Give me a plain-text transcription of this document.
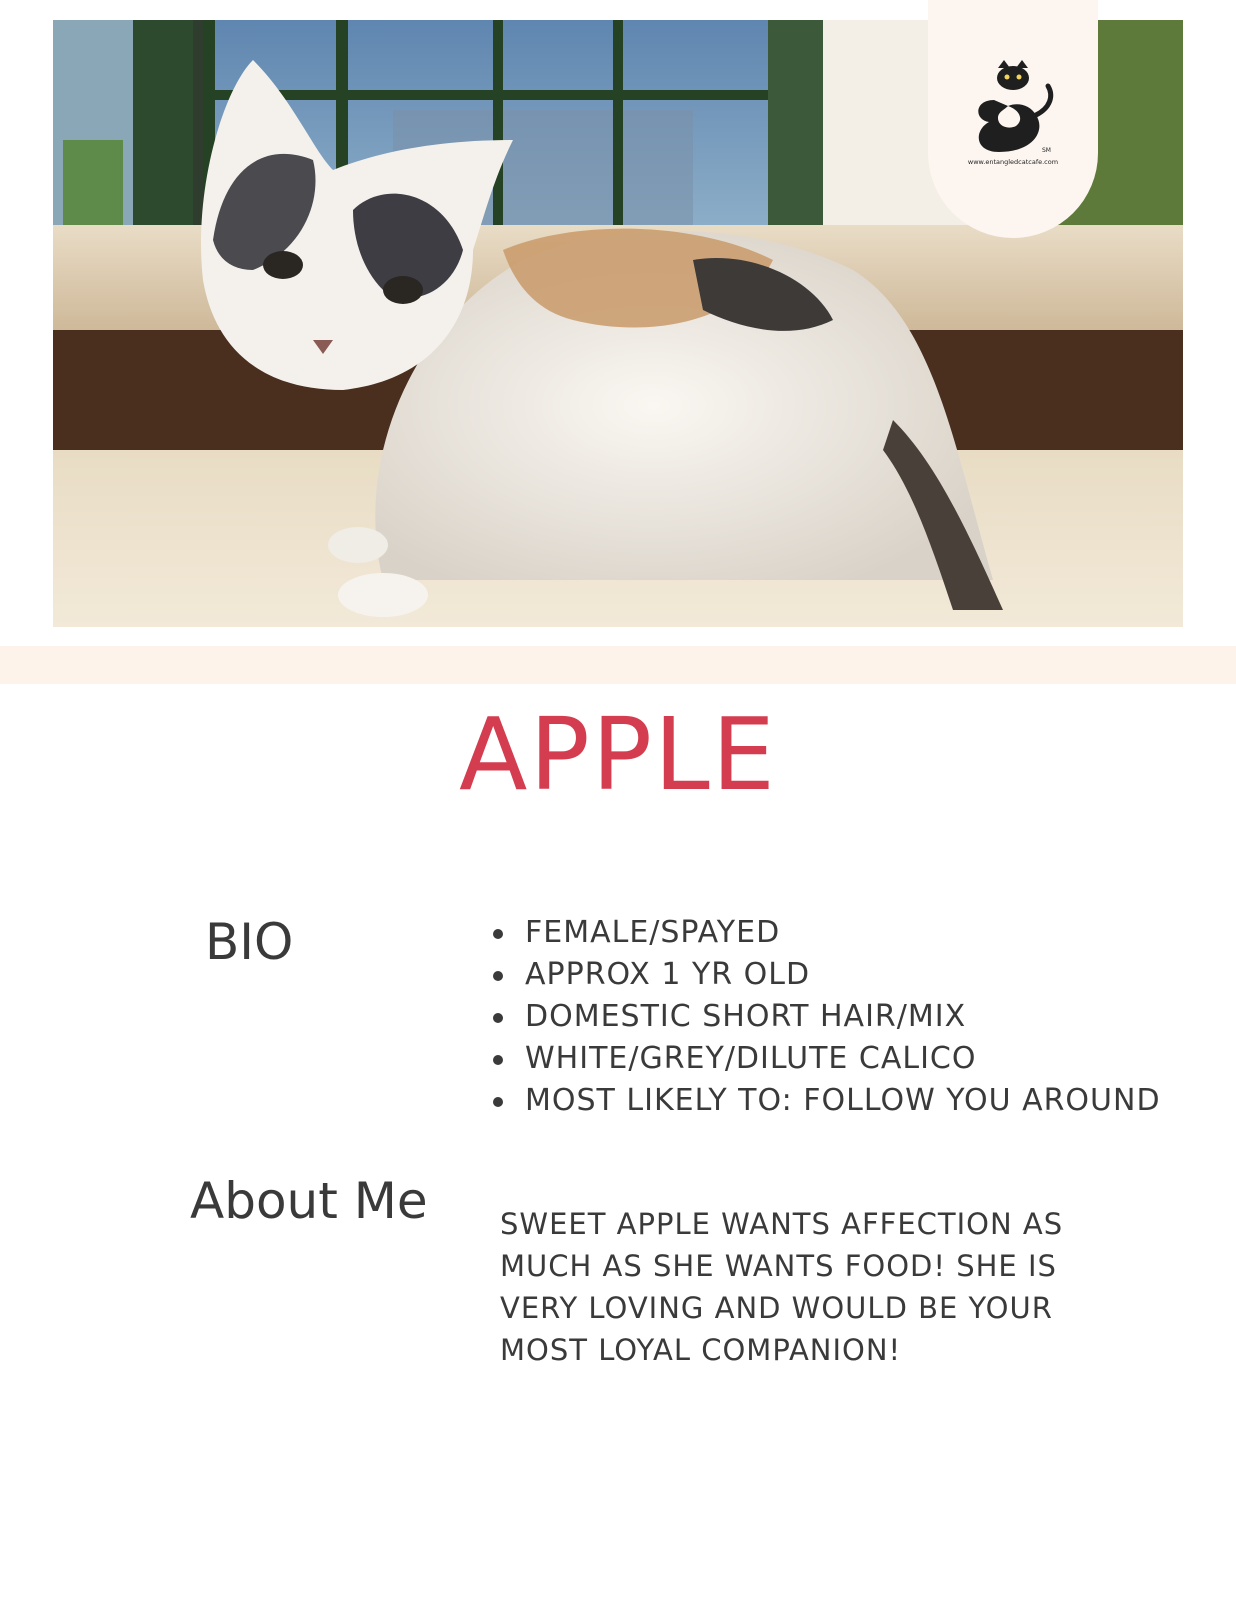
SM
www.entangledcatcafe.com
APPLE
BIO	FEMALE/SPAYED
APPROX 1 YR OLD
DOMESTIC SHORT HAIR/MIX
WHITE/GREY/DILUTE CALICO
MOST LIKELY TO: FOLLOW YOU AROUND
About Me SWEET APPLE WANTS AFFECTION AS MUCH AS SHE WANTS FOOD! SHE IS VERY LOVING AND WOULD BE YOUR MOST LOYAL COMPANION!
